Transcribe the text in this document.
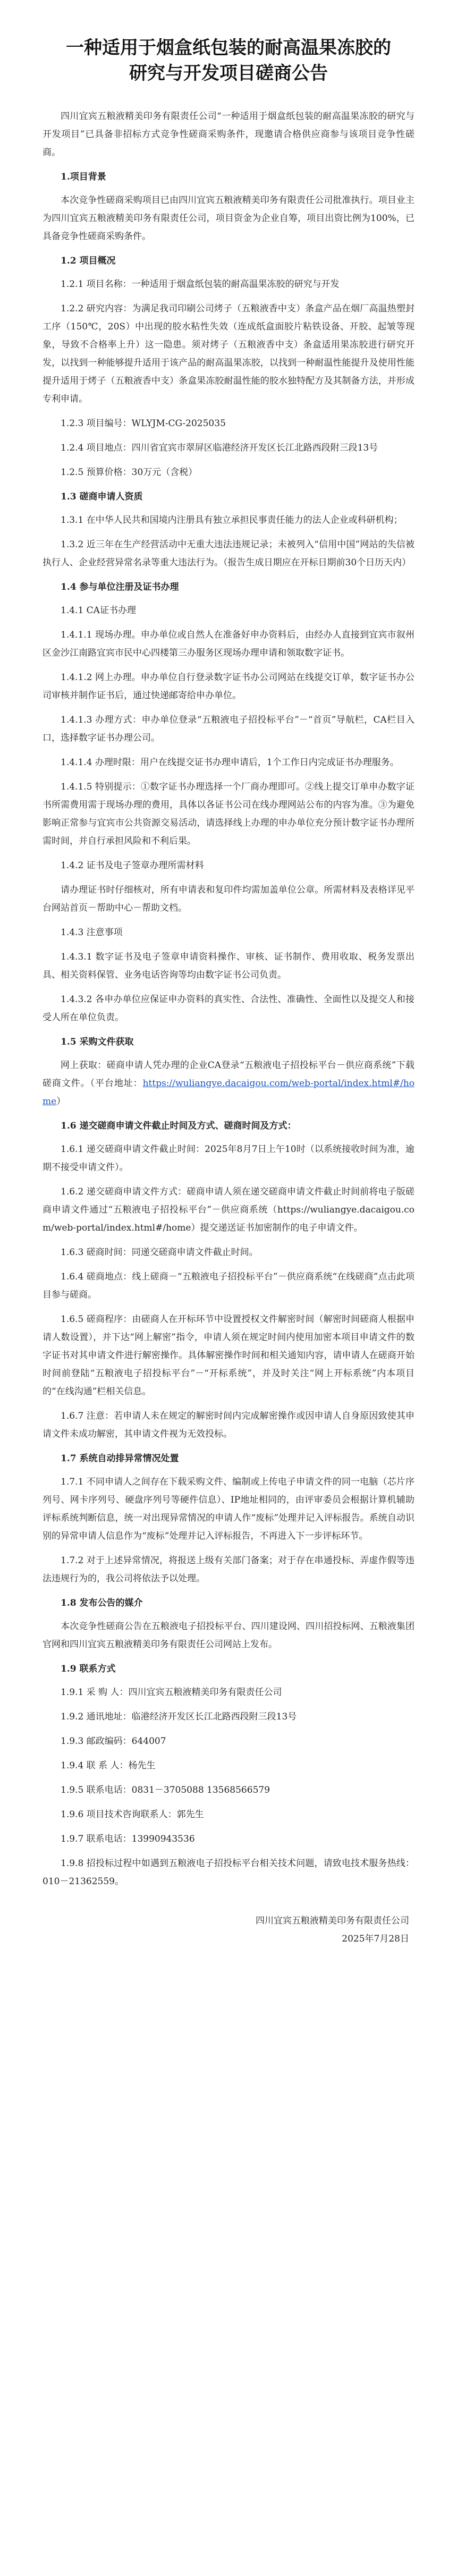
一种适用于烟盒纸包装的耐高温果冻胶的
研究与开发项目磋商公告

四川宜宾五粮液精美印务有限责任公司“一种适用于烟盒纸包装的耐高温果冻胶的研究与开发项目”已具备非招标方式竞争性磋商采购条件，现邀请合格供应商参与该项目竞争性磋商。

1.项目背景

本次竞争性磋商采购项目已由四川宜宾五粮液精美印务有限责任公司批准执行。项目业主为四川宜宾五粮液精美印务有限责任公司，项目资金为企业自筹，项目出资比例为100%，已具备竞争性磋商采购条件。

1.2 项目概况

1.2.1 项目名称：一种适用于烟盒纸包装的耐高温果冻胶的研究与开发

1.2.2 研究内容：为满足我司印刷公司烤子（五粮液香中支）条盒产品在烟厂高温热塑封工序（150℃，20S）中出现的胶水粘性失效（连成纸盒面胶片粘铁设备、开胶、起皱等现象，导致不合格率上升）这一隐患。须对烤子（五粮液香中支）条盒适用果冻胶进行研究开发，以找到一种能够提升适用于该产品的耐高温果冻胶，以找到一种耐温性能提升及使用性能提升适用于烤子（五粮液香中支）条盒果冻胶耐温性能的胶水独特配方及其制备方法，并形成专利申请。

1.2.3 项目编号：WLYJM-CG-2025035

1.2.4 项目地点：四川省宜宾市翠屏区临港经济开发区长江北路西段附三段13号

1.2.5 预算价格：30万元（含税）

1.3 磋商申请人资质

1.3.1 在中华人民共和国境内注册具有独立承担民事责任能力的法人企业或科研机构；

1.3.2 近三年在生产经营活动中无重大违法违规记录；未被列入“信用中国”网站的失信被执行人、企业经营异常名录等重大违法行为。（报告生成日期应在开标日期前30个日历天内）

1.4 参与单位注册及证书办理

1.4.1 CA证书办理

1.4.1.1 现场办理。申办单位或自然人在准备好申办资料后，由经办人直接到宜宾市叙州区金沙江南路宜宾市民中心四楼第三办服务区现场办理申请和领取数字证书。

1.4.1.2 网上办理。申办单位自行登录数字证书办公司网站在线提交订单，数字证书办公司审核并制作证书后，通过快递邮寄给申办单位。

1.4.1.3 办理方式：申办单位登录“五粮液电子招投标平台”－“首页”导航栏，CA栏目入口，选择数字证书办理公司。

1.4.1.4 办理时限：用户在线提交证书办理申请后，1个工作日内完成证书办理服务。

1.4.1.5 特别提示：①数字证书办理选择一个厂商办理即可。②线上提交订单申办数字证书所需费用需于现场办理的费用，具体以各证书公司在线办理网站公布的内容为准。③为避免影响正常参与宜宾市公共资源交易活动，请选择线上办理的申办单位充分预计数字证书办理所需时间，并自行承担风险和不利后果。

1.4.2 证书及电子签章办理所需材料

请办理证书时仔细核对，所有申请表和复印件均需加盖单位公章。所需材料及表格详见平台网站首页－帮助中心－帮助文档。

1.4.3 注意事项

1.4.3.1 数字证书及电子签章申请资料操作、审核、证书制作、费用收取、税务发票出具、相关资料保管、业务电话咨询等均由数字证书公司负责。

1.4.3.2 各申办单位应保证申办资料的真实性、合法性、准确性、全面性以及提交人和接受人所在单位负责。

1.5 采购文件获取

网上获取：磋商申请人凭办理的企业CA登录“五粮液电子招投标平台－供应商系统”下载磋商文件。（平台地址：https://wuliangye.dacaigou.com/web-portal/index.html#/home）

1.6 递交磋商申请文件截止时间及方式、磋商时间及方式：

1.6.1 递交磋商申请文件截止时间：2025年8月7日上午10时（以系统接收时间为准，逾期不接受申请文件）。

1.6.2 递交磋商申请文件方式：磋商申请人须在递交磋商申请文件截止时间前将电子版磋商申请文件通过“五粮液电子招投标平台”－供应商系统（https://wuliangye.dacaigou.com/web-portal/index.html#/home）提交递送证书加密制作的电子申请文件。

1.6.3 磋商时间：同递交磋商申请文件截止时间。

1.6.4 磋商地点：线上磋商－“五粮液电子招投标平台”－供应商系统“在线磋商”点击此项目参与磋商。

1.6.5 磋商程序：由磋商人在开标环节中设置授权文件解密时间（解密时间磋商人根据申请人数设置），并下达“网上解密”指令，申请人须在规定时间内使用加密本项目申请文件的数字证书对其申请文件进行解密操作。具体解密操作时间和相关通知内容，请申请人在磋商开始时间前登陆“五粮液电子招投标平台”－“开标系统”，并及时关注“网上开标系统”内本项目的“在线沟通”栏相关信息。

1.6.7 注意：若申请人未在规定的解密时间内完成解密操作或因申请人自身原因致使其申请文件未成功解密，其申请文件视为无效投标。

1.7 系统自动排异常情况处置

1.7.1 不同申请人之间存在下载采购文件、编制或上传电子申请文件的同一电脑（芯片序列号、网卡序列号、硬盘序列号等硬件信息）、IP地址相同的，由评审委员会根据计算机辅助评标系统判断信息，统一对出现异常情况的申请人作“废标”处理并记入评标报告。系统自动识别的异常申请人信息作为“废标”处理并记入评标报告，不再进入下一步评标环节。

1.7.2 对于上述异常情况，将报送上级有关部门备案；对于存在串通投标、弄虚作假等违法违规行为的，我公司将依法予以处理。

1.8 发布公告的媒介

本次竞争性磋商公告在五粮液电子招投标平台、四川建设网、四川招投标网、五粮液集团官网和四川宜宾五粮液精美印务有限责任公司网站上发布。

1.9 联系方式

1.9.1 采 购 人：四川宜宾五粮液精美印务有限责任公司

1.9.2 通讯地址：临港经济开发区长江北路西段附三段13号

1.9.3 邮政编码：644007

1.9.4 联 系 人：杨先生

1.9.5 联系电话：0831－3705088 13568566579

1.9.6 项目技术咨询联系人：郭先生

1.9.7 联系电话：13990943536

1.9.8 招投标过程中如遇到五粮液电子招投标平台相关技术问题，请致电技术服务热线：010－21362559。

四川宜宾五粮液精美印务有限责任公司

2025年7月28日
